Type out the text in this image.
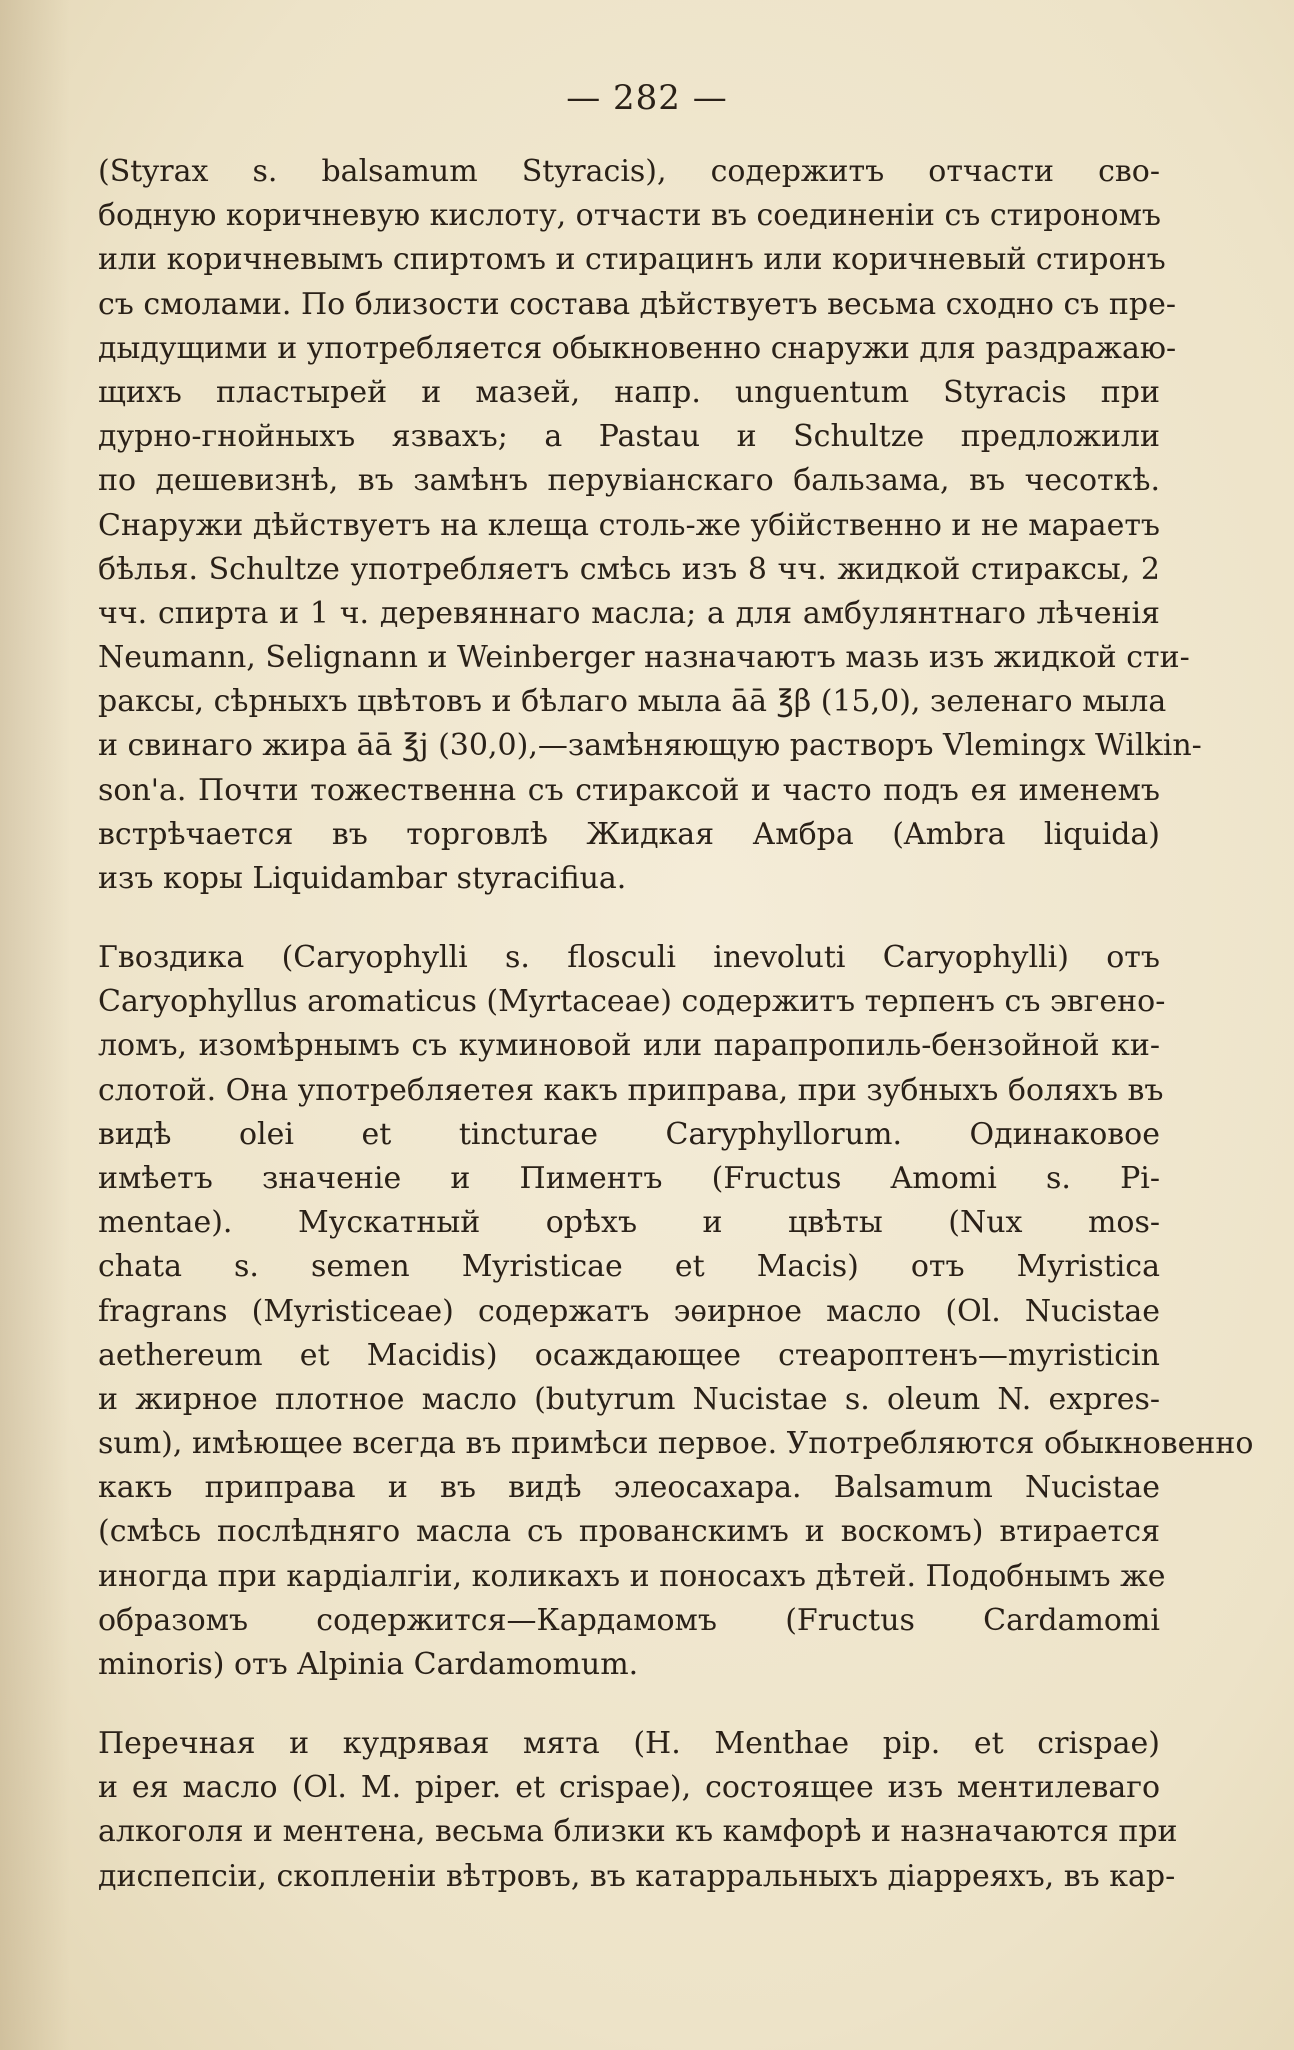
— 282 —
(Styrax s. balsamum Styracis), содержитъ отчасти сво-
бодную коричневую кислоту, отчасти въ соединенiи съ стирономъ
или коричневымъ спиртомъ и стирацинъ или коричневый стиронъ
съ смолами. По близости состава дѣйствуетъ весьма сходно съ пре-
дыдущими и употребляется обыкновенно снаружи для раздражаю-
щихъ пластырей и мазей, напр. unguentum Styracis при
дурно-гнойныхъ язвахъ; а Pastau и Schultze предложили
по дешевизнѣ, въ замѣнъ перувiанскаго бальзама, въ чесоткѣ.
Снаружи дѣйствуетъ на клеща столь-же убiйственно и не мараетъ
бѣлья. Schultze употребляетъ смѣсь изъ 8 чч. жидкой стираксы, 2
чч. спирта и 1 ч. деревяннаго масла; а для амбулянтнаго лѣченiя
Neumann, Selignann и Weinberger назначаютъ мазь изъ жидкой сти-
раксы, сѣрныхъ цвѣтовъ и бѣлаго мыла āā ℥β (15,0), зеленаго мыла
и свинаго жира āā ℥j (30,0),—замѣняющую растворъ Vlemingx Wilkin-
son'a. Почти тожественна съ стираксой и часто подъ ея именемъ
встрѣчается въ торговлѣ Жидкая Амбра (Ambra liquida)
изъ коры Liquidambar styracifiua.
Гвоздика (Caryophylli s. flosculi inevoluti Caryophylli) отъ
Caryophyllus aromaticus (Myrtaceae) содержитъ терпенъ съ эвгено-
ломъ, изомѣрнымъ съ куминовой или парапропиль-бензойной ки-
слотой. Она употребляетея какъ приправа, при зубныхъ боляхъ въ
видѣ olei et tincturae Caryphyllorum. Одинаковое
имѣетъ значенiе и Пиментъ (Fructus Amomi s. Pi-
mentae). Мускатный орѣхъ и цвѣты (Nux mos-
chata s. semen Myristicae et Macis) отъ Myristica
fragrans (Myristiceae) содержатъ эѳирное масло (Ol. Nucistae
aethereum et Macidis) осаждающее стеароптенъ—myristicin
и жирное плотное масло (butyrum Nucistae s. oleum N. expres-
sum), имѣющее всегда въ примѣси первое. Употребляются обыкновенно
какъ приправа и въ видѣ элеосахара. Balsamum Nucistae
(смѣсь послѣдняго масла съ прованскимъ и воскомъ) втирается
иногда при кардiалгiи, коликахъ и поносахъ дѣтей. Подобнымъ же
образомъ содержится—Кардамомъ (Fructus Cardamomi
minoris) отъ Alpinia Cardamomum.
Перечная и кудрявая мята (H. Menthae pip. et crispae)
и ея масло (Ol. M. piper. et crispae), состоящее изъ ментилеваго
алкоголя и ментена, весьма близки къ камфорѣ и назначаются при
диспепсiи, скопленiи вѣтровъ, въ катарральныхъ дiарреяхъ, въ кар-
